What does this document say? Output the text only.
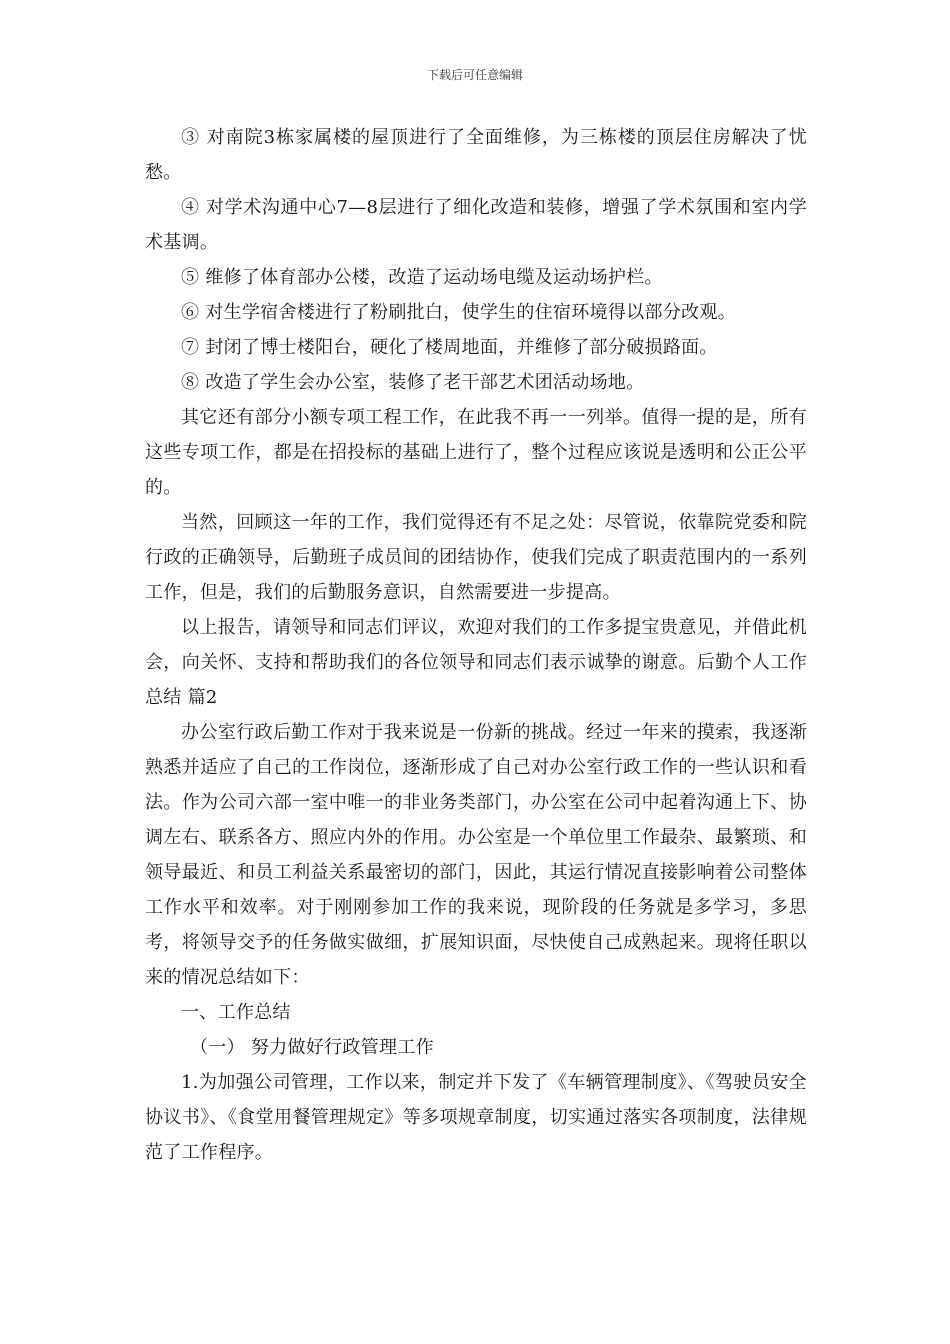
下载后可任意编辑

③ 对南院3栋家属楼的屋顶进行了全面维修，为三栋楼的顶层住房解决了忧愁。

④ 对学术沟通中心7—8层进行了细化改造和装修，增强了学术氛围和室内学术基调。

⑤ 维修了体育部办公楼，改造了运动场电缆及运动场护栏。

⑥ 对生学宿舍楼进行了粉刷批白，使学生的住宿环境得以部分改观。

⑦ 封闭了博士楼阳台，硬化了楼周地面，并维修了部分破损路面。

⑧ 改造了学生会办公室，装修了老干部艺术团活动场地。

其它还有部分小额专项工程工作，在此我不再一一列举。值得一提的是，所有这些专项工作，都是在招投标的基础上进行了，整个过程应该说是透明和公正公平的。

当然，回顾这一年的工作，我们觉得还有不足之处：尽管说，依靠院党委和院行政的正确领导，后勤班子成员间的团结协作，使我们完成了职责范围内的一系列工作，但是，我们的后勤服务意识，自然需要进一步提高。

以上报告，请领导和同志们评议，欢迎对我们的工作多提宝贵意见，并借此机会，向关怀、支持和帮助我们的各位领导和同志们表示诚挚的谢意。后勤个人工作总结 篇2

办公室行政后勤工作对于我来说是一份新的挑战。经过一年来的摸索，我逐渐熟悉并适应了自己的工作岗位，逐渐形成了自己对办公室行政工作的一些认识和看法。作为公司六部一室中唯一的非业务类部门，办公室在公司中起着沟通上下、协调左右、联系各方、照应内外的作用。办公室是一个单位里工作最杂、最繁琐、和领导最近、和员工利益关系最密切的部门，因此，其运行情况直接影响着公司整体工作水平和效率。对于刚刚参加工作的我来说，现阶段的任务就是多学习，多思考，将领导交予的任务做实做细，扩展知识面，尽快使自己成熟起来。现将任职以来的情况总结如下：

一、工作总结

（一） 努力做好行政管理工作

1.为加强公司管理，工作以来，制定并下发了《车辆管理制度》、《驾驶员安全协议书》、《食堂用餐管理规定》等多项规章制度，切实通过落实各项制度，法律规范了工作程序。
